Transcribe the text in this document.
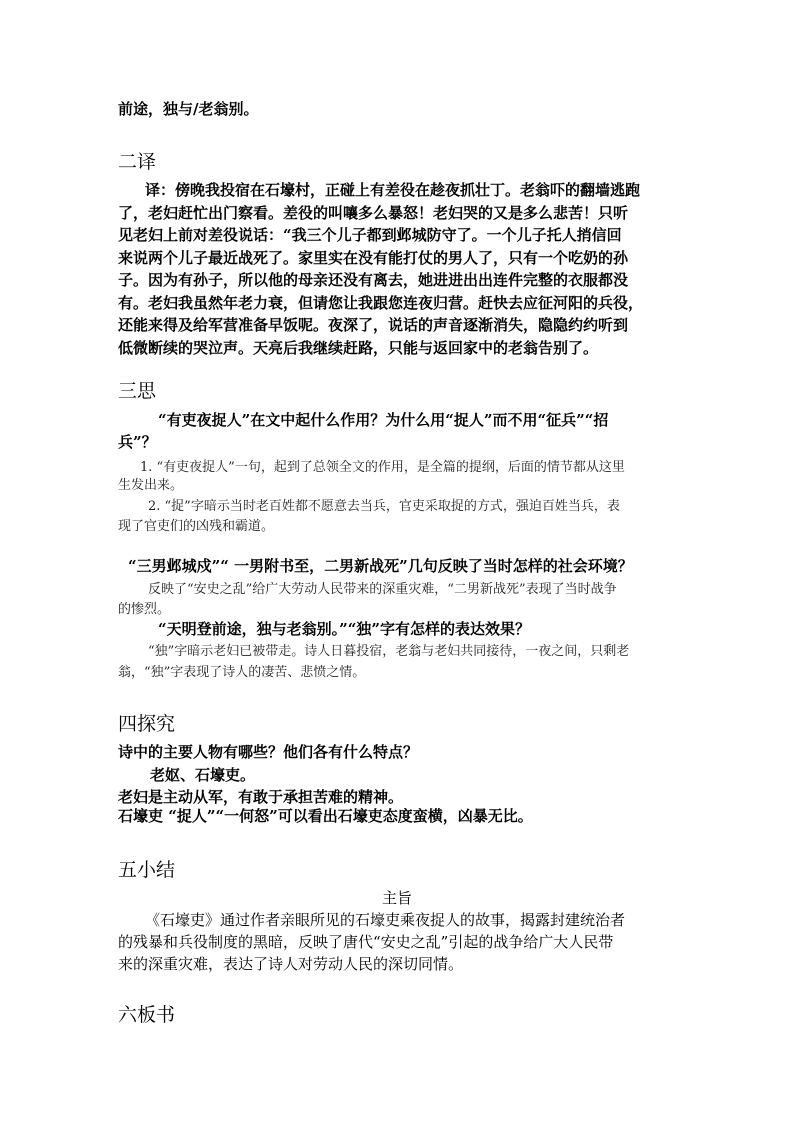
前途，独与/老翁别。
二译
译：傍晚我投宿在石壕村，正碰上有差役在趁夜抓壮丁。老翁吓的翻墙逃跑
了，老妇赶忙出门察看。差役的叫嚷多么暴怒！老妇哭的又是多么悲苦！只听
见老妇上前对差役说话：“我三个儿子都到邺城防守了。一个儿子托人捎信回
来说两个儿子最近战死了。家里实在没有能打仗的男人了，只有一个吃奶的孙
子。因为有孙子，所以他的母亲还没有离去，她进进出出连件完整的衣服都没
有。老妇我虽然年老力衰，但请您让我跟您连夜归营。赶快去应征河阳的兵役，
还能来得及给军营准备早饭呢。夜深了，说话的声音逐渐消失，隐隐约约听到
低微断续的哭泣声。天亮后我继续赶路，只能与返回家中的老翁告别了。
三思
“有吏夜捉人”在文中起什么作用？为什么用“捉人”而不用“征兵”“招
兵”？
1. “有吏夜捉人”一句，起到了总领全文的作用，是全篇的提纲，后面的情节都从这里
生发出来。
2. “捉”字暗示当时老百姓都不愿意去当兵，官吏采取捉的方式，强迫百姓当兵，表
现了官吏们的凶残和霸道。
“三男邺城戍”“ 一男附书至，二男新战死”几句反映了当时怎样的社会环境？
反映了“安史之乱”给广大劳动人民带来的深重灾难，“二男新战死”表现了当时战争
的惨烈。
“天明登前途，独与老翁别。”“独”字有怎样的表达效果？
“独”字暗示老妇已被带走。诗人日暮投宿，老翁与老妇共同接待，一夜之间，只剩老
翁，“独”字表现了诗人的凄苦、悲愤之情。
四探究
诗中的主要人物有哪些？他们各有什么特点？
老妪、石壕吏。
老妇是主动从军，有敢于承担苦难的精神。
石壕吏 “捉人”“一何怒”可以看出石壕吏态度蛮横，凶暴无比。
五小结
主旨
《石壕吏》通过作者亲眼所见的石壕吏乘夜捉人的故事，揭露封建统治者
的残暴和兵役制度的黑暗，反映了唐代“安史之乱”引起的战争给广大人民带
来的深重灾难，表达了诗人对劳动人民的深切同情。
六板书
